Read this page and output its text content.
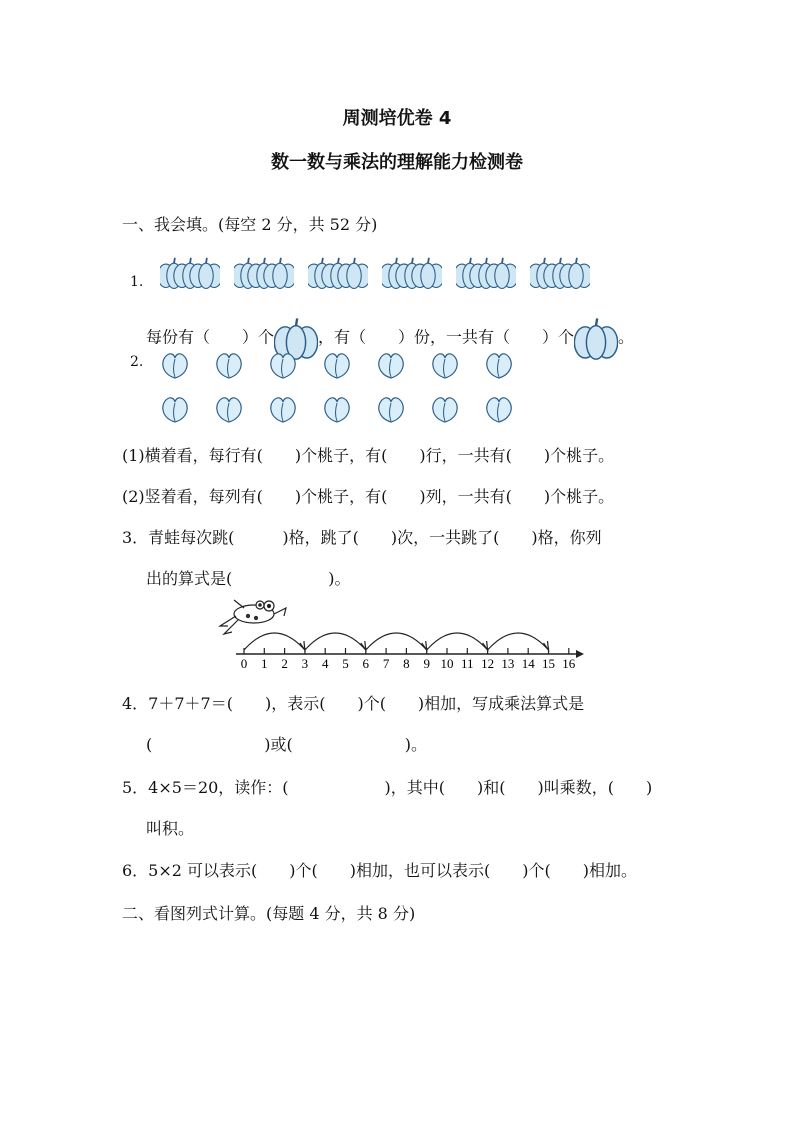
周测培优卷 4
数一数与乘法的理解能力检测卷
一、我会填。(每空 2 分，共 52 分)
1.
每份有（　　）个	，有（　　）份，一共有（　　）个	。
2.
(1)横着看，每行有(　　)个桃子，有(　　)行，一共有(　　)个桃子。
(2)竖着看，每列有(　　)个桃子，有(　　)列，一共有(　　)个桃子。
3．青蛙每次跳(　　　)格，跳了(　　)次，一共跳了(　　)格，你列
出的算式是(　　　　　　)。
0 1 2 3 4 5 6 7 8 9 10 11 12 13 14 15 16
4．7＋7＋7＝(　　)，表示(　　)个(　　)相加，写成乘法算式是
(　　　　　　　)或(　　　　　　　)。
5．4×5＝20，读作：(　　　　　　)，其中(　　)和(　　)叫乘数，(　　)
叫积。
6．5×2 可以表示(　　)个(　　)相加，也可以表示(　　)个(　　)相加。
二、看图列式计算。(每题 4 分，共 8 分)
